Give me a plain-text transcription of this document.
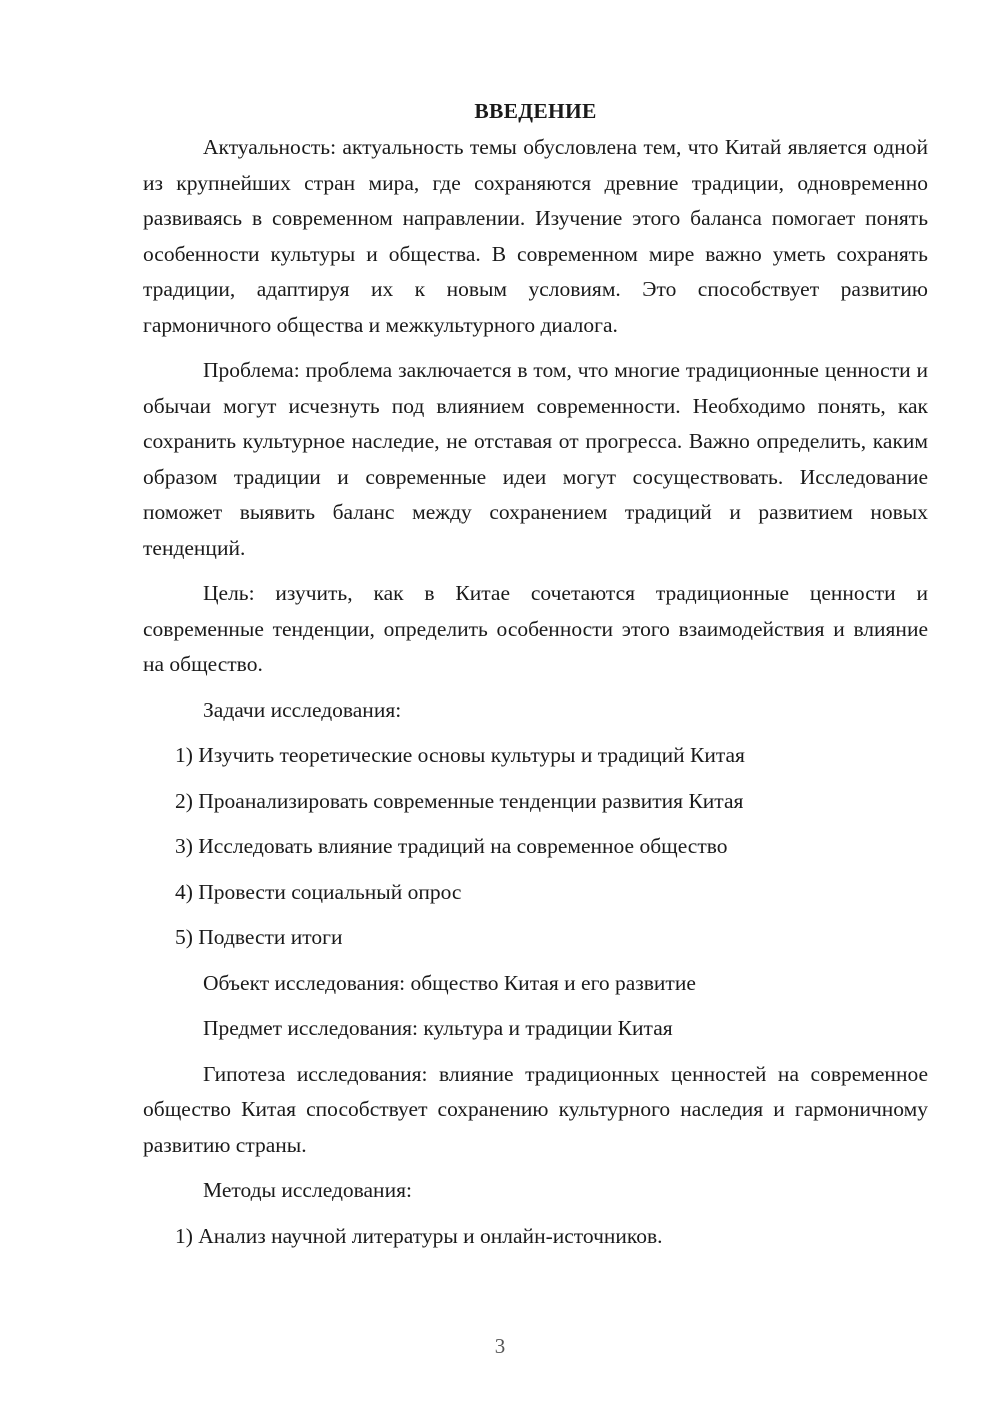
ВВЕДЕНИЕ

Актуальность: актуальность темы обусловлена тем, что Китай является одной из крупнейших стран мира, где сохраняются древние традиции, одновременно развиваясь в современном направлении. Изучение этого баланса помогает понять особенности культуры и общества. В современном мире важно уметь сохранять традиции, адаптируя их к новым условиям. Это способствует развитию гармоничного общества и межкультурного диалога.

Проблема: проблема заключается в том, что многие традиционные ценности и обычаи могут исчезнуть под влиянием современности. Необходимо понять, как сохранить культурное наследие, не отставая от прогресса. Важно определить, каким образом традиции и современные идеи могут сосуществовать. Исследование поможет выявить баланс между сохранением традиций и развитием новых тенденций.

Цель: изучить, как в Китае сочетаются традиционные ценности и современные тенденции, определить особенности этого взаимодействия и влияние на общество.

Задачи исследования:
1) Изучить теоретические основы культуры и традиций Китая
2) Проанализировать современные тенденции развития Китая
3) Исследовать влияние традиций на современное общество
4) Провести социальный опрос
5) Подвести итоги
Объект исследования: общество Китая и его развитие
Предмет исследования: культура и традиции Китая

Гипотеза исследования: влияние традиционных ценностей на современное общество Китая способствует сохранению культурного наследия и гармоничному развитию страны.

Методы исследования:
1) Анализ научной литературы и онлайн-источников.
3
